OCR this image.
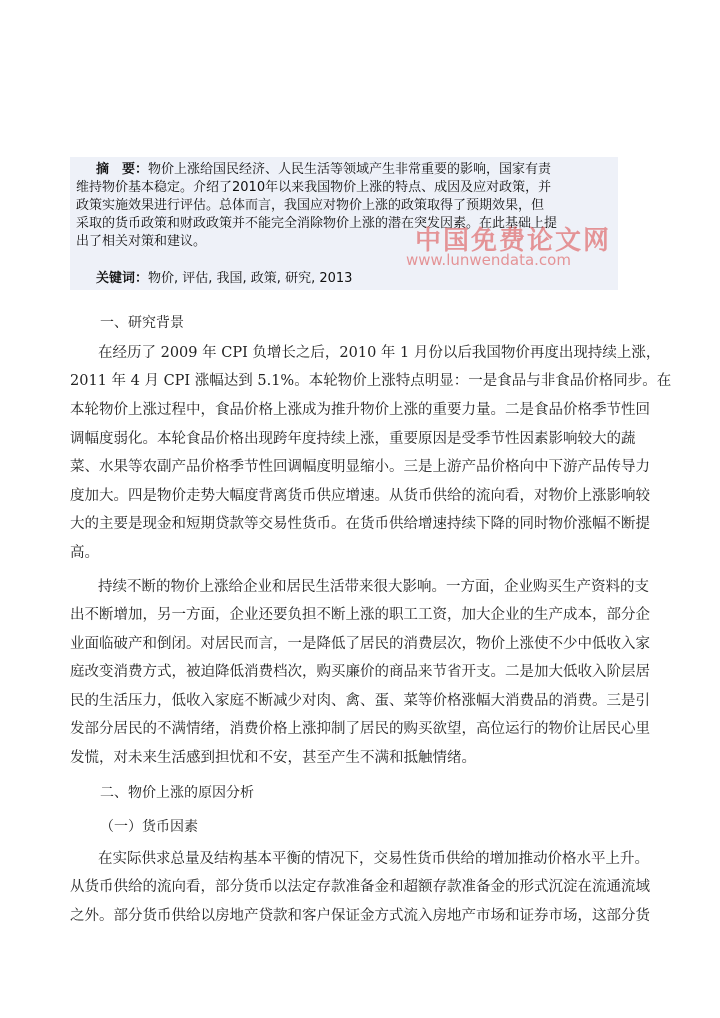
摘　要：物价上涨给国民经济、人民生活等领域产生非常重要的影响，国家有责
维持物价基本稳定。介绍了2010年以来我国物价上涨的特点、成因及应对政策，并
政策实施效果进行评估。总体而言，我国应对物价上涨的政策取得了预期效果，但
采取的货币政策和财政政策并不能完全消除物价上涨的潜在突发因素。在此基础上提
出了相关对策和建议。
关键词：物价, 评估, 我国, 政策, 研究, 2013
中国免费论文网
www.lunwendata.com
一、研究背景
在经历了 2009 年 CPI 负增长之后，2010 年 1 月份以后我国物价再度出现持续上涨，
2011 年 4 月 CPI 涨幅达到 5.1%。本轮物价上涨特点明显：一是食品与非食品价格同步。在
本轮物价上涨过程中，食品价格上涨成为推升物价上涨的重要力量。二是食品价格季节性回
调幅度弱化。本轮食品价格出现跨年度持续上涨，重要原因是受季节性因素影响较大的蔬
菜、水果等农副产品价格季节性回调幅度明显缩小。三是上游产品价格向中下游产品传导力
度加大。四是物价走势大幅度背离货币供应增速。从货币供给的流向看，对物价上涨影响较
大的主要是现金和短期贷款等交易性货币。在货币供给增速持续下降的同时物价涨幅不断提
高。
持续不断的物价上涨给企业和居民生活带来很大影响。一方面，企业购买生产资料的支
出不断增加，另一方面，企业还要负担不断上涨的职工工资，加大企业的生产成本，部分企
业面临破产和倒闭。对居民而言，一是降低了居民的消费层次，物价上涨使不少中低收入家
庭改变消费方式，被迫降低消费档次，购买廉价的商品来节省开支。二是加大低收入阶层居
民的生活压力，低收入家庭不断减少对肉、禽、蛋、菜等价格涨幅大消费品的消费。三是引
发部分居民的不满情绪，消费价格上涨抑制了居民的购买欲望，高位运行的物价让居民心里
发慌，对未来生活感到担忧和不安，甚至产生不满和抵触情绪。
二、物价上涨的原因分析
（一）货币因素
在实际供求总量及结构基本平衡的情况下，交易性货币供给的增加推动价格水平上升。
从货币供给的流向看，部分货币以法定存款准备金和超额存款准备金的形式沉淀在流通流域
之外。部分货币供给以房地产贷款和客户保证金方式流入房地产市场和证券市场，这部分货
